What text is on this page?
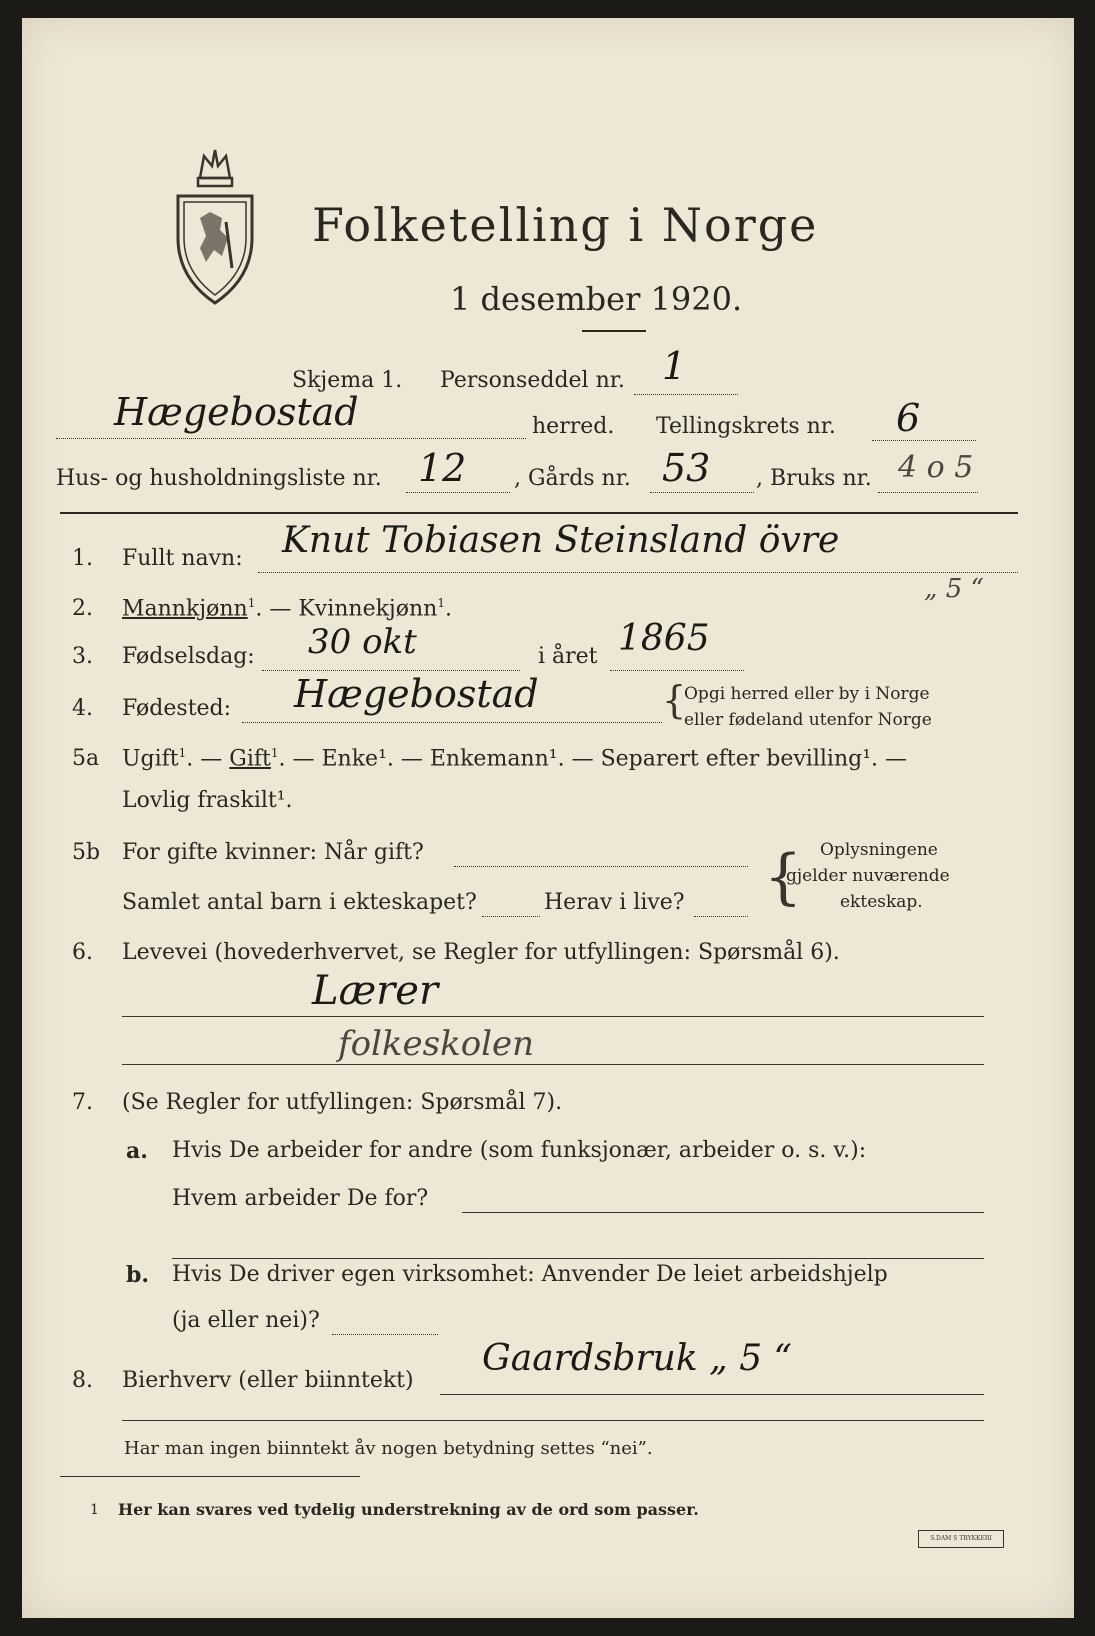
Folketelling i Norge
1 desember 1920.
Skjema 1. Personseddel nr. 1
Hægebostad	herred. Tellingskrets nr. 6
Hus- og husholdningsliste nr. 12 , Gårds nr. 53 , Bruks nr. 4 o 5
1. Fullt navn: Knut Tobiasen Steinsland övre
„ 5 “
2. Mannkjønn$^1$. — Kvinnekjønn$^1$.
3. Fødselsdag: 30 okt	i året 1865
4. Fødested: Hægebostad	{
Opgi herred eller by i Norge
eller fødeland utenfor Norge
5a Ugift$^1$. — Gift$^1$. — Enke¹. — Enkemann¹. — Separert efter bevilling¹. —
Lovlig fraskilt¹.
5b For gifte kvinner: Når gift?
Samlet antal barn i ekteskapet?	Herav i live? { Oplysningene
gjelder nuværende
ekteskap.
6. Levevei (hovederhvervet, se Regler for utfyllingen: Spørsmål 6).
Lærer
folkeskolen
7. (Se Regler for utfyllingen: Spørsmål 7).
a. Hvis De arbeider for andre (som funksjonær, arbeider o. s. v.):
Hvem arbeider De for?
b. Hvis De driver egen virksomhet: Anvender De leiet arbeidshjelp
(ja eller nei)?
8. Bierhverv (eller biinntekt)
Gaardsbruk „ 5 “
Har man ingen biinntekt åv nogen betydning settes “nei”.
1 Her kan svares ved tydelig understrekning av de ord som passer.
S.DAM S TRYKKERI
